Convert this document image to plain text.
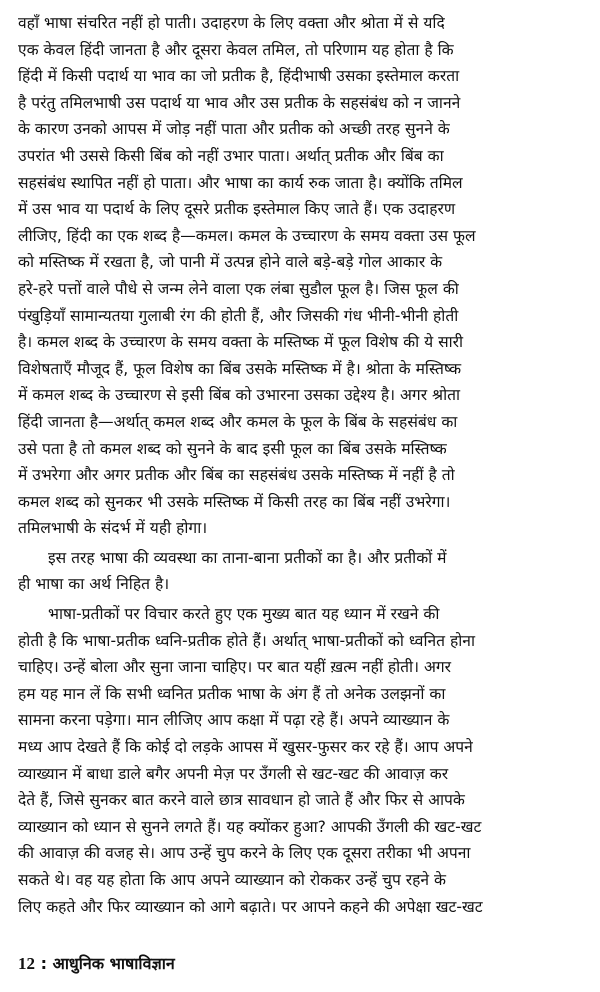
वहाँ भाषा संचरित नहीं हो पाती। उदाहरण के लिए वक्ता और श्रोता में से यदि
एक केवल हिंदी जानता है और दूसरा केवल तमिल, तो परिणाम यह होता है कि
हिंदी में किसी पदार्थ या भाव का जो प्रतीक है, हिंदीभाषी उसका इस्तेमाल करता
है परंतु तमिलभाषी उस पदार्थ या भाव और उस प्रतीक के सहसंबंध को न जानने
के कारण उनको आपस में जोड़ नहीं पाता और प्रतीक को अच्छी तरह सुनने के
उपरांत भी उससे किसी बिंब को नहीं उभार पाता। अर्थात् प्रतीक और बिंब का
सहसंबंध स्थापित नहीं हो पाता। और भाषा का कार्य रुक जाता है। क्योंकि तमिल
में उस भाव या पदार्थ के लिए दूसरे प्रतीक इस्तेमाल किए जाते हैं। एक उदाहरण
लीजिए, हिंदी का एक शब्द है—कमल। कमल के उच्चारण के समय वक्ता उस फूल
को मस्तिष्क में रखता है, जो पानी में उत्पन्न होने वाले बड़े-बड़े गोल आकार के
हरे-हरे पत्तों वाले पौधे से जन्म लेने वाला एक लंबा सुडौल फूल है। जिस फूल की
पंखुड़ियाँ सामान्यतया गुलाबी रंग की होती हैं, और जिसकी गंध भीनी-भीनी होती
है। कमल शब्द के उच्चारण के समय वक्ता के मस्तिष्क में फूल विशेष की ये सारी
विशेषताएँ मौजूद हैं, फूल विशेष का बिंब उसके मस्तिष्क में है। श्रोता के मस्तिष्क
में कमल शब्द के उच्चारण से इसी बिंब को उभारना उसका उद्देश्य है। अगर श्रोता
हिंदी जानता है—अर्थात् कमल शब्द और कमल के फूल के बिंब के सहसंबंध का
उसे पता है तो कमल शब्द को सुनने के बाद इसी फूल का बिंब उसके मस्तिष्क
में उभरेगा और अगर प्रतीक और बिंब का सहसंबंध उसके मस्तिष्क में नहीं है तो
कमल शब्द को सुनकर भी उसके मस्तिष्क में किसी तरह का बिंब नहीं उभरेगा।
तमिलभाषी के संदर्भ में यही होगा।
इस तरह भाषा की व्यवस्था का ताना-बाना प्रतीकों का है। और प्रतीकों में
ही भाषा का अर्थ निहित है।
भाषा-प्रतीकों पर विचार करते हुए एक मुख्य बात यह ध्यान में रखने की
होती है कि भाषा-प्रतीक ध्वनि-प्रतीक होते हैं। अर्थात् भाषा-प्रतीकों को ध्वनित होना
चाहिए। उन्हें बोला और सुना जाना चाहिए। पर बात यहीं ख़त्म नहीं होती। अगर
हम यह मान लें कि सभी ध्वनित प्रतीक भाषा के अंग हैं तो अनेक उलझनों का
सामना करना पड़ेगा। मान लीजिए आप कक्षा में पढ़ा रहे हैं। अपने व्याख्यान के
मध्य आप देखते हैं कि कोई दो लड़के आपस में खुसर-फुसर कर रहे हैं। आप अपने
व्याख्यान में बाधा डाले बगैर अपनी मेज़ पर उँगली से खट-खट की आवाज़ कर
देते हैं, जिसे सुनकर बात करने वाले छात्र सावधान हो जाते हैं और फिर से आपके
व्याख्यान को ध्यान से सुनने लगते हैं। यह क्योंकर हुआ? आपकी उँगली की खट-खट
की आवाज़ की वजह से। आप उन्हें चुप करने के लिए एक दूसरा तरीका भी अपना
सकते थे। वह यह होता कि आप अपने व्याख्यान को रोककर उन्हें चुप रहने के
लिए कहते और फिर व्याख्यान को आगे बढ़ाते। पर आपने कहने की अपेक्षा खट-खट
12 : आधुनिक भाषाविज्ञान
